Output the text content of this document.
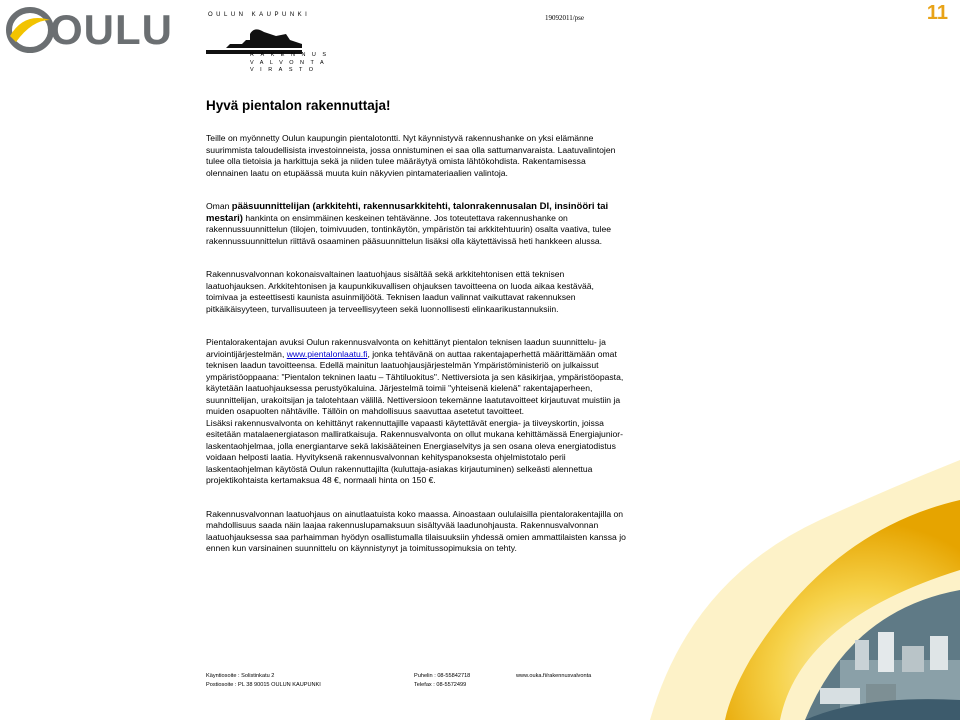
OULU	11
OULUN KAUPUNKI
RAKENNUS
VALVONTA
VIRASTO
19092011/pse
Hyvä pientalon rakennuttaja!

Teille on myönnetty Oulun kaupungin pientalotontti. Nyt käynnistyvä rakennushanke on yksi elämänne suurimmista taloudellisista investoinneista, jossa onnistuminen ei saa olla sattumanvaraista. Laatuvalintojen tulee olla tietoisia ja harkittuja sekä ja niiden tulee määräytyä omista lähtökohdista. Rakentamisessa olennainen laatu on etupäässä muuta kuin näkyvien pintamateriaalien valintoja.

Oman pääsuunnittelijan (arkkitehti, rakennusarkkitehti, talonrakennusalan DI, insinööri tai mestari) hankinta on ensimmäinen keskeinen tehtävänne. Jos toteutettava rakennushanke on rakennussuunnittelun (tilojen, toimivuuden, tontinkäytön, ympäristön tai arkkitehtuurin) osalta vaativa, tulee rakennussuunnittelun riittävä osaaminen pääsuunnittelun lisäksi olla käytettävissä heti hankkeen alussa.

Rakennusvalvonnan kokonaisvaltainen laatuohjaus sisältää sekä arkkitehtonisen että teknisen laatuohjauksen. Arkkitehtonisen ja kaupunkikuvallisen ohjauksen tavoitteena on luoda aikaa kestävää, toimivaa ja esteettisesti kaunista asuinmiljöötä. Teknisen laadun valinnat vaikuttavat rakennuksen pitkäikäisyyteen, turvallisuuteen ja terveellisyyteen sekä luonnollisesti elinkaarikustannuksiin.

Pientalorakentajan avuksi Oulun rakennusvalvonta on kehittänyt pientalon teknisen laadun suunnittelu- ja arviointijärjestelmän, www.pientalonlaatu.fi, jonka tehtävänä on auttaa rakentajaperhettä määrittämään omat teknisen laadun tavoitteensa. Edellä mainitun laatuohjausjärjestelmän Ympäristöministeriö on julkaissut ympäristöoppaana: "Pientalon tekninen laatu – Tähtiluokitus". Nettiversiota ja sen käsikirjaa, ympäristöopasta, käytetään laatuohjauksessa perustyökaluina. Järjestelmä toimii "yhteisenä kielenä" rakentajaperheen, suunnittelijan, urakoitsijan ja talotehtaan välillä. Nettiversioon tekemänne laatutavoitteet kirjautuvat muistiin ja muiden osapuolten nähtäville. Tällöin on mahdollisuus saavuttaa asetetut tavoitteet.

Lisäksi rakennusvalvonta on kehittänyt rakennuttajille vapaasti käytettävät energia- ja tiiveyskortin, joissa esitetään matalaenergiatason malliratkaisuja. Rakennusvalvonta on ollut mukana kehittämässä Energiajunior- laskentaohjelmaa, jolla energiantarve sekä lakisääteinen Energiaselvitys ja sen osana oleva energiatodistus voidaan helposti laatia. Hyvityksenä rakennusvalvonnan kehityspanoksesta ohjelmistotalo perii laskentaohjelman käytöstä Oulun rakennuttajilta (kuluttaja-asiakas kirjautuminen) selkeästi alennettua projektikohtaista kertamaksua 48 €, normaali hinta on 150 €.

Rakennusvalvonnan laatuohjaus on ainutlaatuista koko maassa. Ainoastaan oululaisilla pientalorakentajilla on mahdollisuus saada näin laajaa rakennuslupamaksuun sisältyvää laadunohjausta. Rakennusvalvonnan laatuohjauksessa saa parhaimman hyödyn osallistumalla tilaisuuksiin yhdessä omien ammattilaisten kanssa jo ennen kun varsinainen suunnittelu on käynnistynyt ja toimitussopimuksia on tehty.

Käyntiosoite : Solistinkatu 2
Postiosoite : PL 38 90015 OULUN KAUPUNKI
Puhelin : 08-55842718
Telefax : 08-5572499
www.ouka.fi/rakennusvalvonta
